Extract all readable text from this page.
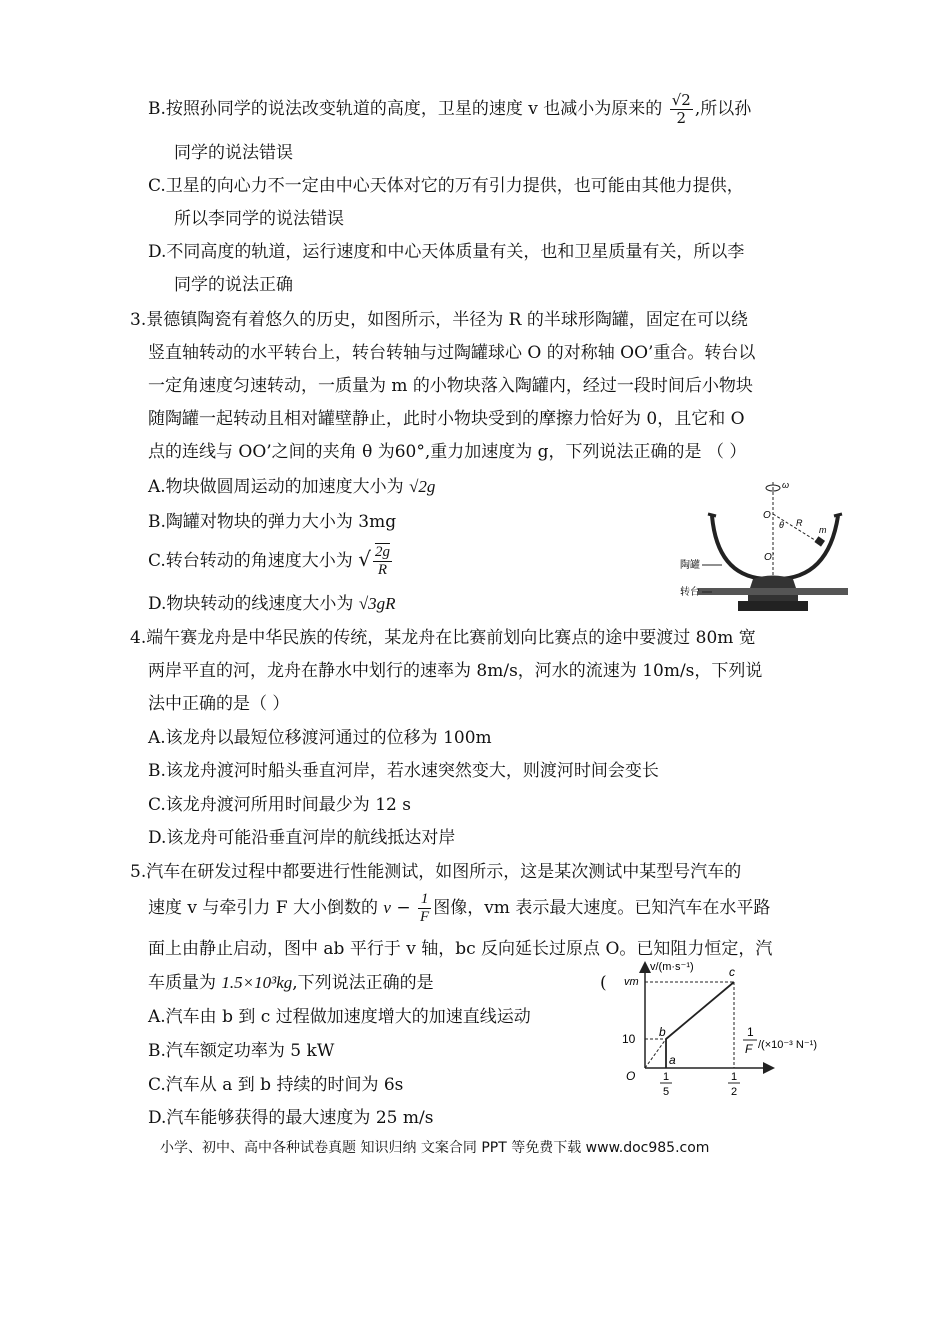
B.按照孙同学的说法改变轨道的高度，卫星的速度 v 也减小为原来的 $\frac{√2}{2}$ ,所以孙
同学的说法错误
C.卫星的向心力不一定由中心天体对它的万有引力提供，也可能由其他力提供，
所以李同学的说法错误
D.不同高度的轨道，运行速度和中心天体质量有关，也和卫星质量有关，所以李
同学的说法正确
3.景德镇陶瓷有着悠久的历史，如图所示，半径为 R 的半球形陶罐，固定在可以绕
竖直轴转动的水平转台上，转台转轴与过陶罐球心 O 的对称轴 OO’重合。转台以
一定角速度匀速转动，一质量为 m 的小物块落入陶罐内，经过一段时间后小物块
随陶罐一起转动且相对罐壁静止，此时小物块受到的摩擦力恰好为 0，且它和 O
点的连线与 OO’之间的夹角 θ 为60°,重力加速度为 g，下列说法正确的是 （ ）
A.物块做圆周运动的加速度大小为 √2g
B.陶罐对物块的弹力大小为 3mg
C.转台转动的角速度大小为 √ $\frac{2g}{R}$
D.物块转动的线速度大小为 √3gR
ω
O
θ R
m
O′
陶罐
转台
4.端午赛龙舟是中华民族的传统，某龙舟在比赛前划向比赛点的途中要渡过 80m 宽
两岸平直的河，龙舟在静水中划行的速率为 8m/s，河水的流速为 10m/s，下列说
法中正确的是（ ）
A.该龙舟以最短位移渡河通过的位移为 100m
B.该龙舟渡河时船头垂直河岸，若水速突然变大，则渡河时间会变长
C.该龙舟渡河所用时间最少为 12 s
D.该龙舟可能沿垂直河岸的航线抵达对岸
5.汽车在研发过程中都要进行性能测试，如图所示，这是某次测试中某型号汽车的
速度 v 与牵引力 F 大小倒数的 $v - \frac{1}{F}$ 图像，vm 表示最大速度。已知汽车在水平路
面上由静止启动，图中 ab 平行于 v 轴，bc 反向延长过原点 O。已知阻力恒定，汽
车质量为 1.5×10³kg,下列说法正确的是	(
A.汽车由 b 到 c 过程做加速度增大的加速直线运动
B.汽车额定功率为 5 kW
C.汽车从 a 到 b 持续的时间为 6s
D.汽车能够获得的最大速度为 25 m/s
v/(m·s⁻¹)
vm
c
b
a
O
10	1
F /(×10⁻³ N⁻¹)
1
5
1
2
小学、初中、高中各种试卷真题 知识归纳 文案合同 PPT 等免费下载 www.doc985.com
